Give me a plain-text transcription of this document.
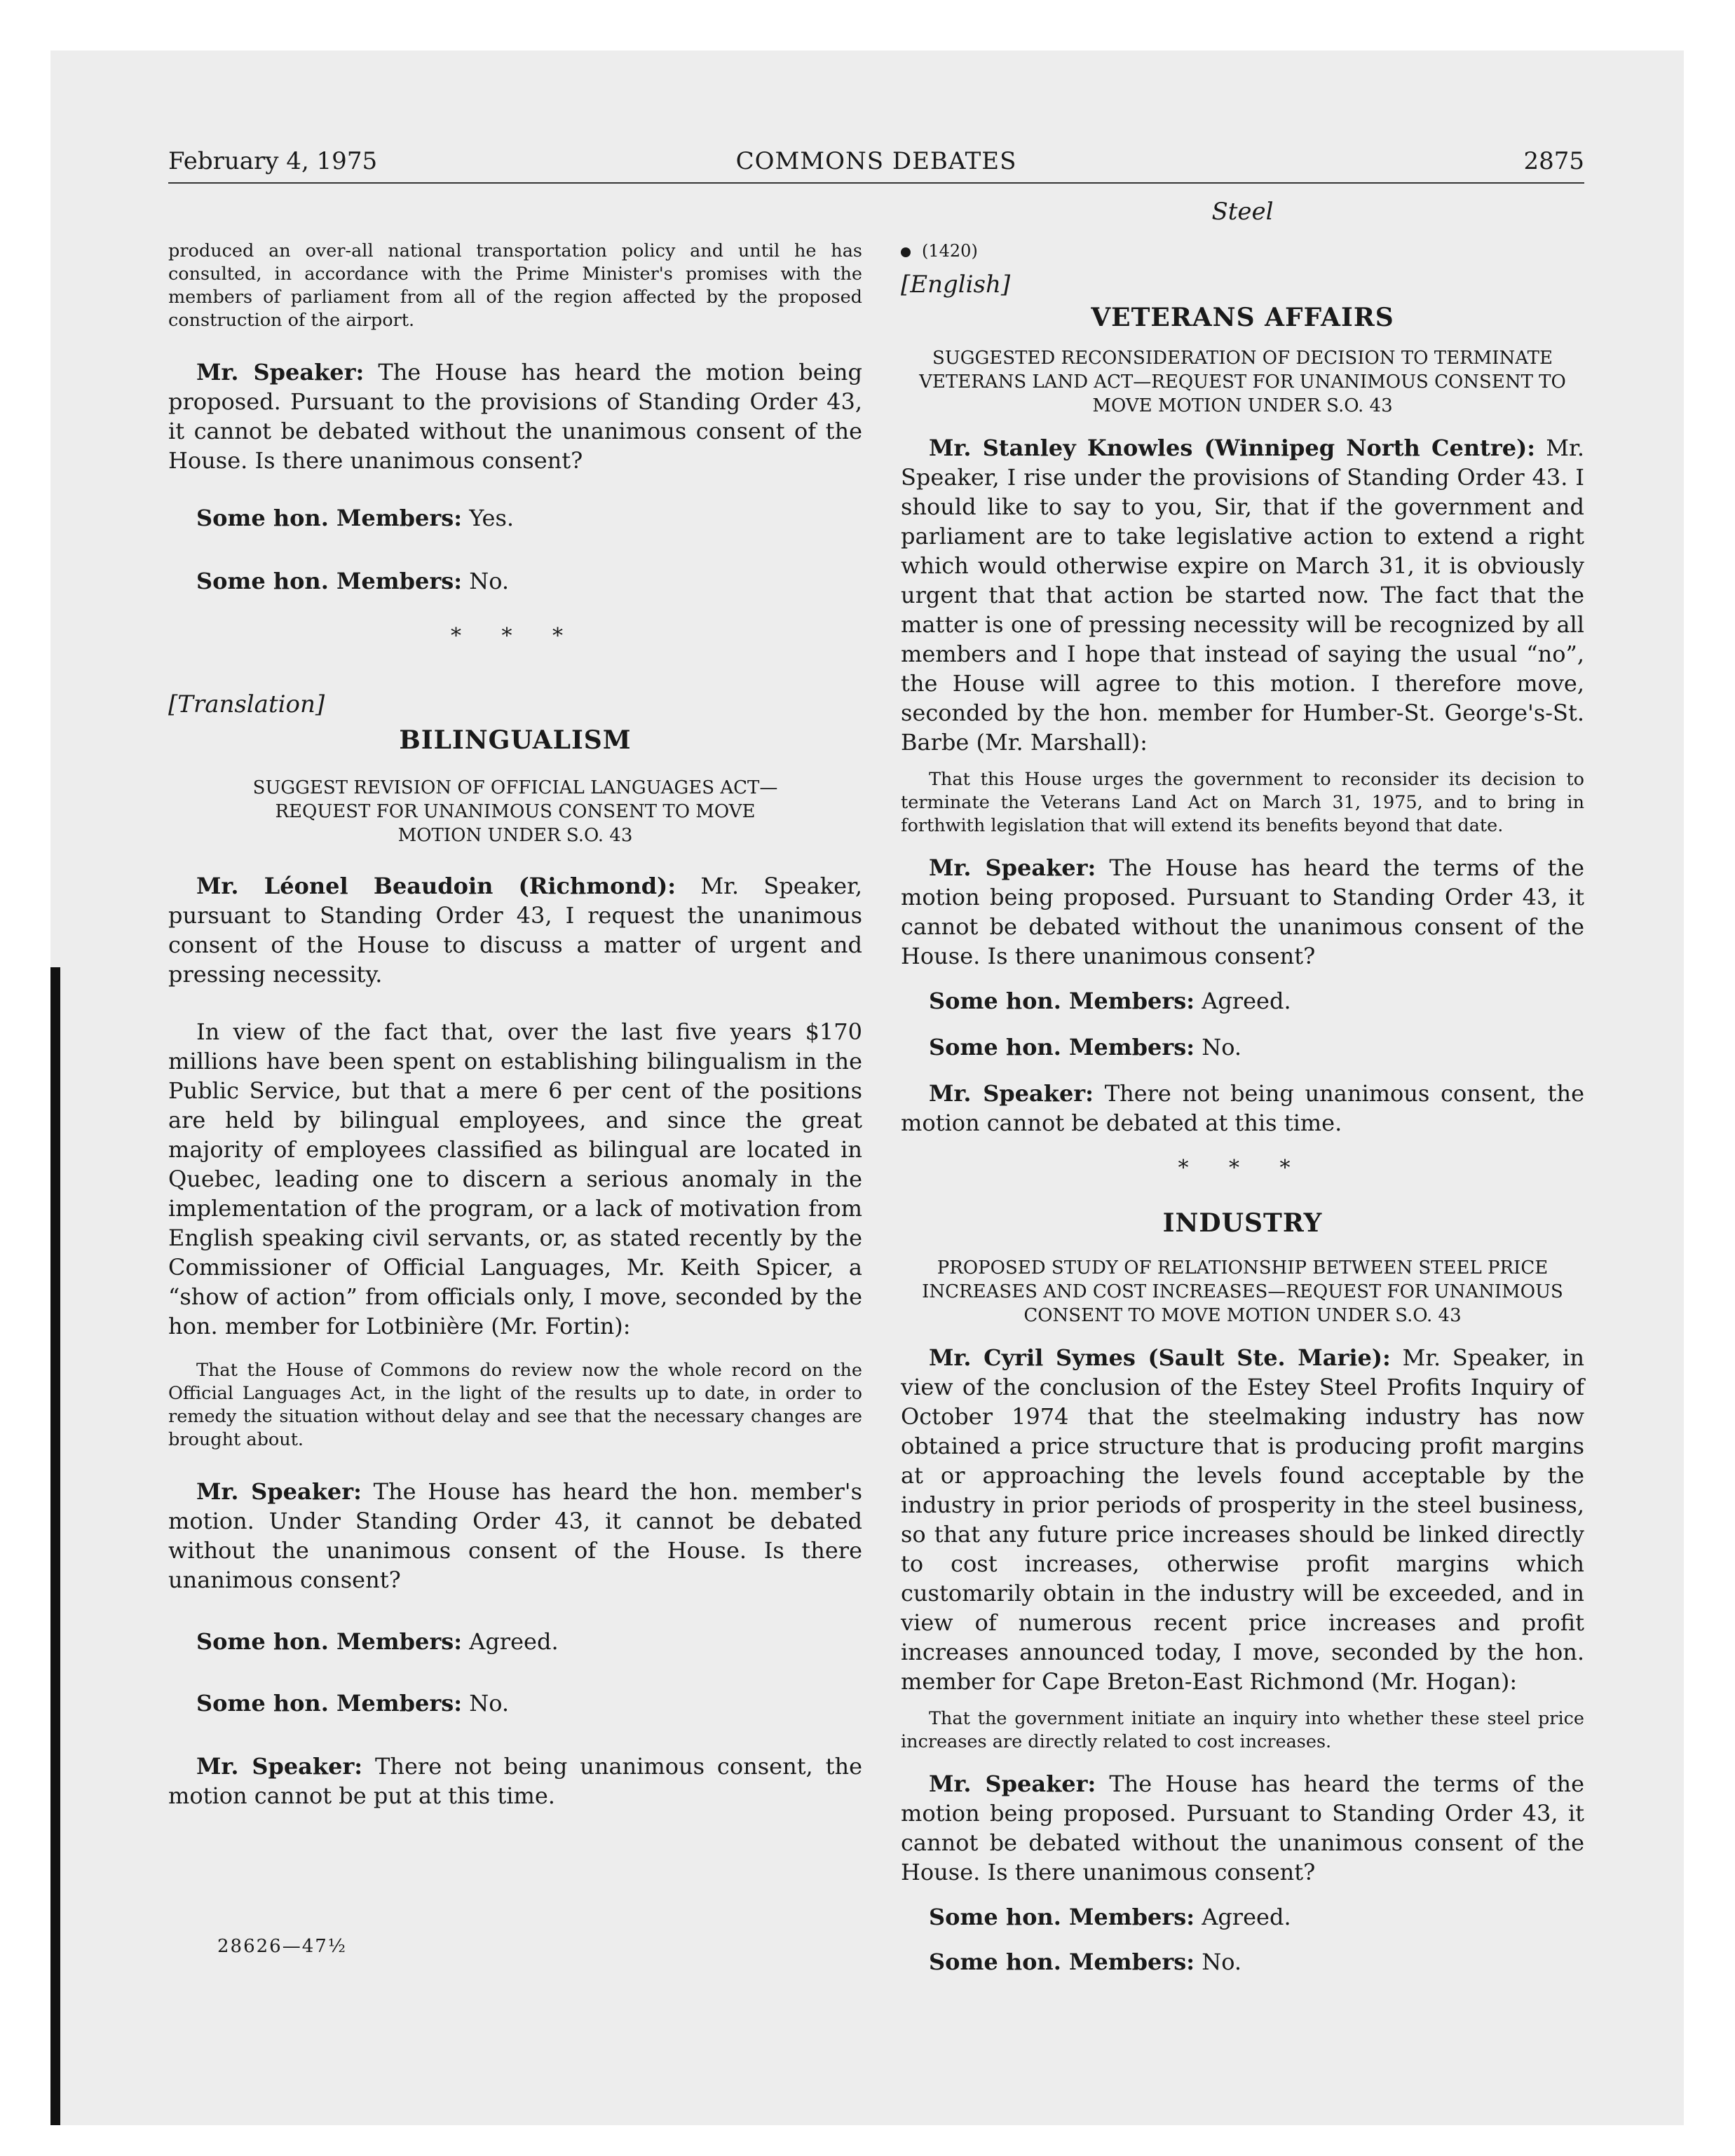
February 4, 1975	COMMONS DEBATES	2875

produced an over-all national transportation policy and until he has consulted, in accordance with the Prime Minister's promises with the members of parliament from all of the region affected by the proposed construction of the airport.

Mr. Speaker: The House has heard the motion being proposed. Pursuant to the provisions of Standing Order 43, it cannot be debated without the unanimous consent of the House. Is there unanimous consent?

Some hon. Members: Yes.

Some hon. Members: No.

* * *

[Translation]

BILINGUALISM

SUGGEST REVISION OF OFFICIAL LANGUAGES ACT— REQUEST FOR UNANIMOUS CONSENT TO MOVE MOTION UNDER S.O. 43

Mr. Léonel Beaudoin (Richmond): Mr. Speaker, pursuant to Standing Order 43, I request the unanimous consent of the House to discuss a matter of urgent and pressing necessity.

In view of the fact that, over the last five years $170 millions have been spent on establishing bilingualism in the Public Service, but that a mere 6 per cent of the positions are held by bilingual employees, and since the great majority of employees classified as bilingual are located in Quebec, leading one to discern a serious anomaly in the implementation of the program, or a lack of motivation from English speaking civil servants, or, as stated recently by the Commissioner of Official Languages, Mr. Keith Spicer, a “show of action” from officials only, I move, seconded by the hon. member for Lotbinière (Mr. Fortin):

That the House of Commons do review now the whole record on the Official Languages Act, in the light of the results up to date, in order to remedy the situation without delay and see that the necessary changes are brought about.

Mr. Speaker: The House has heard the hon. member's motion. Under Standing Order 43, it cannot be debated without the unanimous consent of the House. Is there unanimous consent?

Some hon. Members: Agreed.

Some hon. Members: No.

Mr. Speaker: There not being unanimous consent, the motion cannot be put at this time.

Steel

(1420)

[English]

VETERANS AFFAIRS

SUGGESTED RECONSIDERATION OF DECISION TO TERMINATE VETERANS LAND ACT—REQUEST FOR UNANIMOUS CONSENT TO MOVE MOTION UNDER S.O. 43

Mr. Stanley Knowles (Winnipeg North Centre): Mr. Speaker, I rise under the provisions of Standing Order 43. I should like to say to you, Sir, that if the government and parliament are to take legislative action to extend a right which would otherwise expire on March 31, it is obviously urgent that that action be started now. The fact that the matter is one of pressing necessity will be recognized by all members and I hope that instead of saying the usual “no”, the House will agree to this motion. I therefore move, seconded by the hon. member for Humber-St. George's-St. Barbe (Mr. Marshall):

That this House urges the government to reconsider its decision to terminate the Veterans Land Act on March 31, 1975, and to bring in forthwith legislation that will extend its benefits beyond that date.

Mr. Speaker: The House has heard the terms of the motion being proposed. Pursuant to Standing Order 43, it cannot be debated without the unanimous consent of the House. Is there unanimous consent?

Some hon. Members: Agreed.

Some hon. Members: No.

Mr. Speaker: There not being unanimous consent, the motion cannot be debated at this time.

* * *

INDUSTRY

PROPOSED STUDY OF RELATIONSHIP BETWEEN STEEL PRICE INCREASES AND COST INCREASES—REQUEST FOR UNANIMOUS CONSENT TO MOVE MOTION UNDER S.O. 43

Mr. Cyril Symes (Sault Ste. Marie): Mr. Speaker, in view of the conclusion of the Estey Steel Profits Inquiry of October 1974 that the steelmaking industry has now obtained a price structure that is producing profit margins at or approaching the levels found acceptable by the industry in prior periods of prosperity in the steel business, so that any future price increases should be linked directly to cost increases, otherwise profit margins which customarily obtain in the industry will be exceeded, and in view of numerous recent price increases and profit increases announced today, I move, seconded by the hon. member for Cape Breton-East Richmond (Mr. Hogan):

That the government initiate an inquiry into whether these steel price increases are directly related to cost increases.

Mr. Speaker: The House has heard the terms of the motion being proposed. Pursuant to Standing Order 43, it cannot be debated without the unanimous consent of the House. Is there unanimous consent?

Some hon. Members: Agreed.

Some hon. Members: No.

28626—47½
